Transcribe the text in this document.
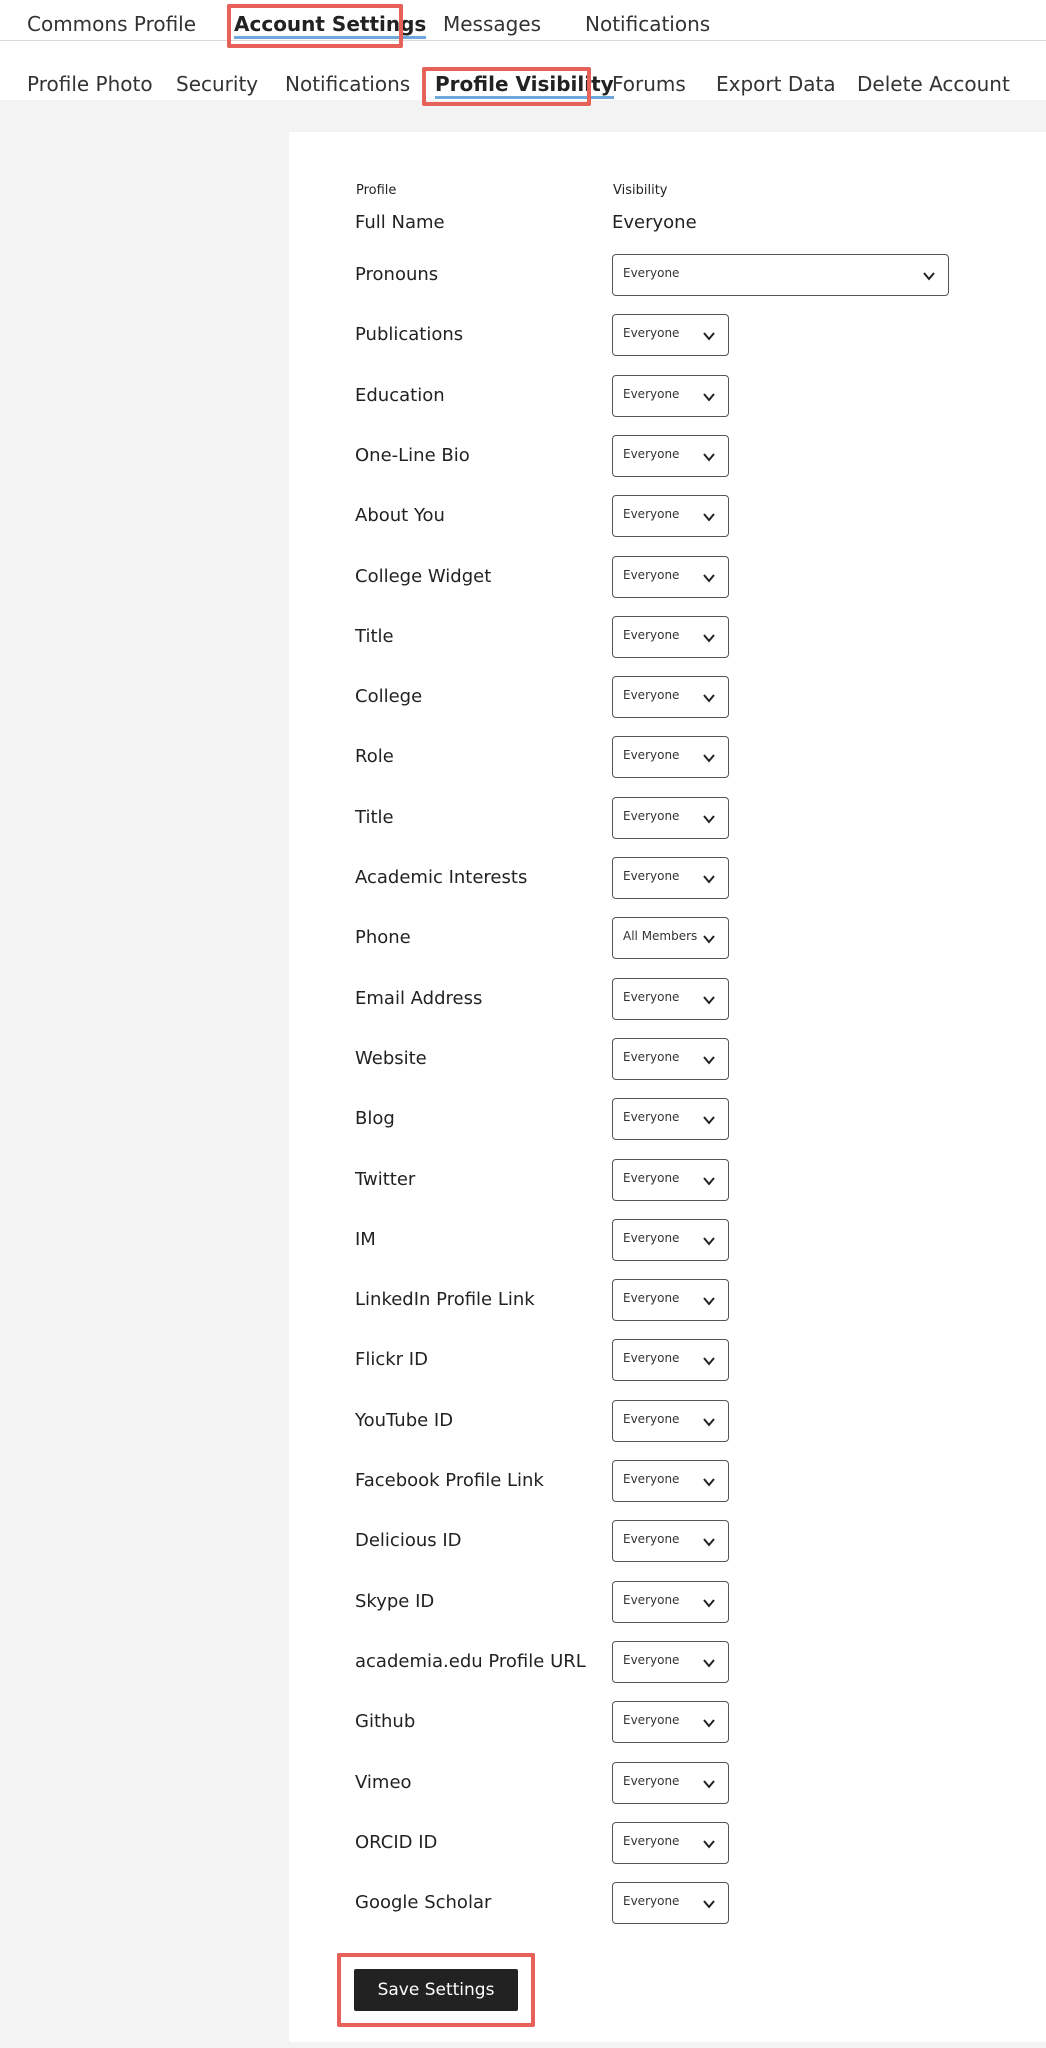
Commons Profile Account Settings Messages Notifications
Profile Photo Security Notifications Profile Visibility
Forums Export Data Delete Account
Profile	Visibility
Full Name	Everyone
Pronouns	Everyone
Publications	Everyone
Education	Everyone
One-Line Bio	Everyone
About You	Everyone
College Widget	Everyone
Title	Everyone
College	Everyone
Role	Everyone
Title	Everyone
Academic Interests	Everyone
Phone	All Members
Email Address	Everyone
Website	Everyone
Blog	Everyone
Twitter	Everyone
IM	Everyone
LinkedIn Profile Link	Everyone
Flickr ID	Everyone
YouTube ID	Everyone
Facebook Profile Link	Everyone
Delicious ID	Everyone
Skype ID	Everyone
academia.edu Profile URL	Everyone
Github	Everyone
Vimeo	Everyone
ORCID ID	Everyone
Google Scholar	Everyone
Save Settings
